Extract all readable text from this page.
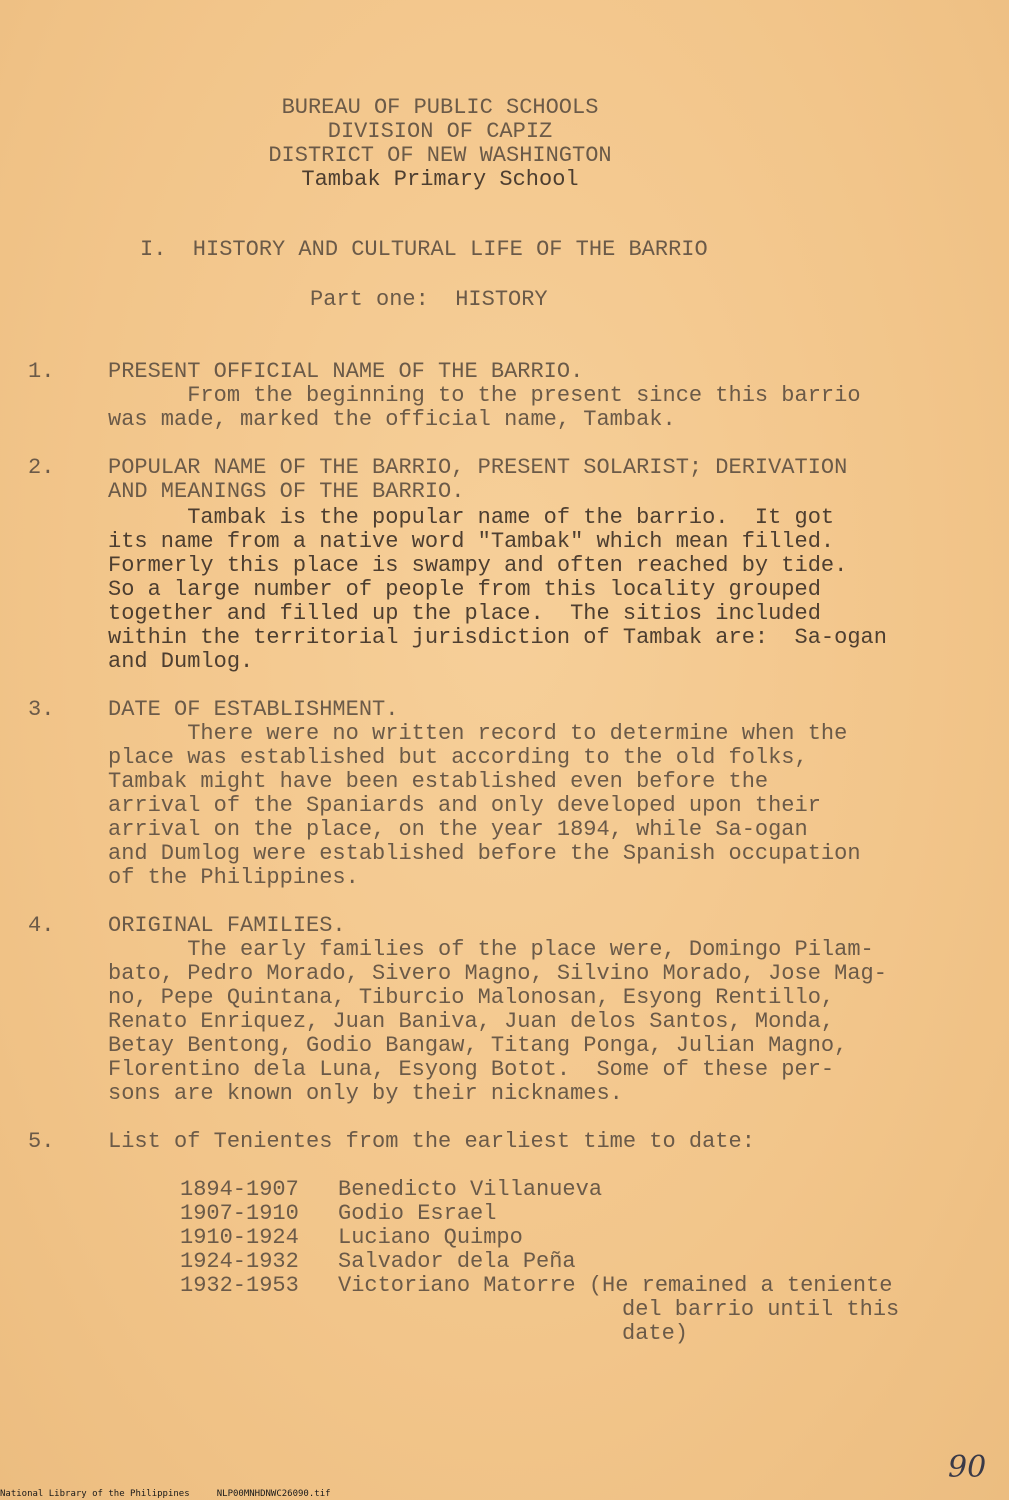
BUREAU OF PUBLIC SCHOOLS
DIVISION OF CAPIZ
DISTRICT OF NEW WASHINGTON
Tambak Primary School
I.  HISTORY AND CULTURAL LIFE OF THE BARRIO
Part one:  HISTORY
1. PRESENT OFFICIAL NAME OF THE BARRIO.
From the beginning to the present since this barrio
was made, marked the official name, Tambak.
2. POPULAR NAME OF THE BARRIO, PRESENT SOLARIST; DERIVATION
AND MEANINGS OF THE BARRIO.
Tambak is the popular name of the barrio.  It got
its name from a native word "Tambak" which mean filled.
Formerly this place is swampy and often reached by tide.
So a large number of people from this locality grouped
together and filled up the place.  The sitios included
within the territorial jurisdiction of Tambak are:  Sa-ogan
and Dumlog.
3. DATE OF ESTABLISHMENT.
There were no written record to determine when the
place was established but according to the old folks,
Tambak might have been established even before the
arrival of the Spaniards and only developed upon their
arrival on the place, on the year 1894, while Sa-ogan
and Dumlog were established before the Spanish occupation
of the Philippines.
4. ORIGINAL FAMILIES.
The early families of the place were, Domingo Pilam-
bato, Pedro Morado, Sivero Magno, Silvino Morado, Jose Mag-
no, Pepe Quintana, Tiburcio Malonosan, Esyong Rentillo,
Renato Enriquez, Juan Baniva, Juan delos Santos, Monda,
Betay Bentong, Godio Bangaw, Titang Ponga, Julian Magno,
Florentino dela Luna, Esyong Botot.  Some of these per-
sons are known only by their nicknames.
5. List of Tenientes from the earliest time to date:
1894-1907 Benedicto Villanueva
1907-1910 Godio Esrael
1910-1924 Luciano Quimpo
1924-1932 Salvador dela Peña
1932-1953 Victoriano Matorre (He remained a teniente
del barrio until this
date)
90
National Library of the Philippines     NLP00MNHDNWC26090.tif
